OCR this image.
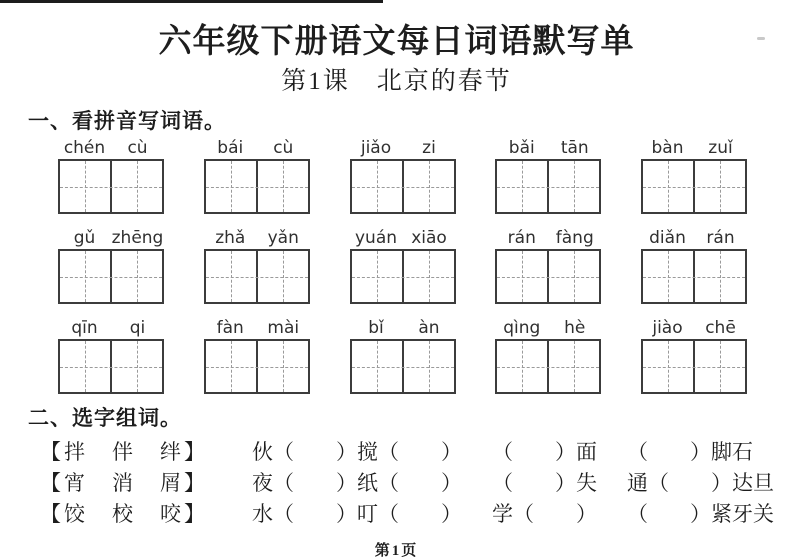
六年级下册语文每日词语默写单
第1课　北京的春节
一、看拼音写词语。
chén	cù	bái	cù	jiǎo	zi	bǎi	tān	bàn	zuǐ
gǔ zhēng	zhǎ	yǎn	yuán xiāo	rán	fàng	diǎn	rán
qīn	qi	fàn	mài	bǐ	àn	qìng	hè	jiào	chē
二、选字组词。
【拌　伴　绊】	伙（　　） 搅（　　）	（　　）面	（　　）脚石
【宵　消　屑】	夜（　　） 纸（　　）	（　　）失	通（　　）达旦
【饺　校　咬】	水（　　） 叮（　　）	学（　　）	（　　）紧牙关
第1页
